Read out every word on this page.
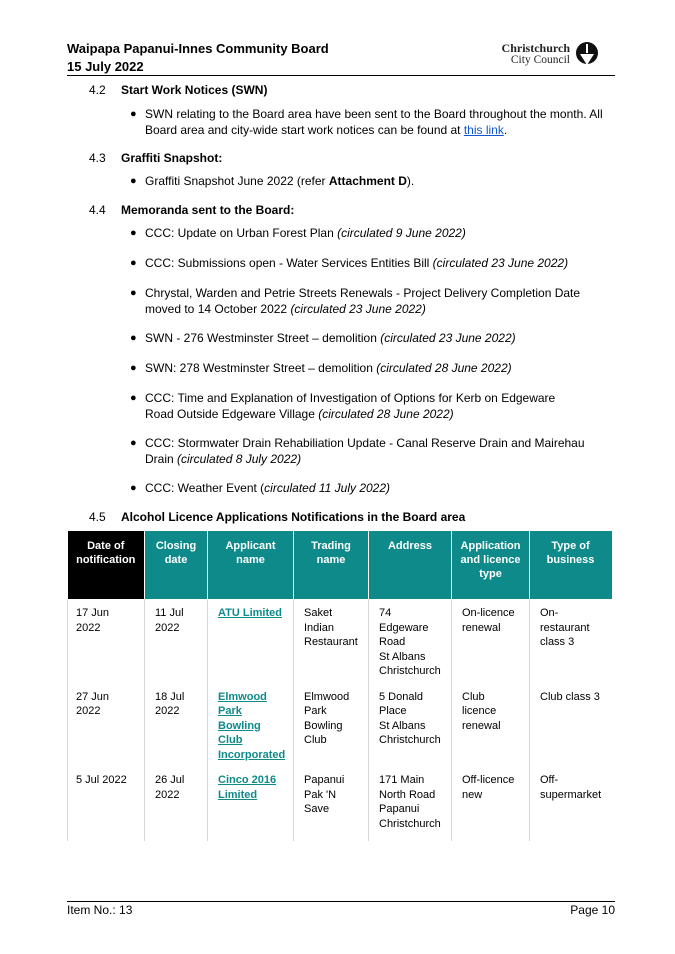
Waipapa Papanui-Innes Community Board
15 July 2022
Christchurch
City Council
4.2	Start Work Notices (SWN)
● SWN relating to the Board area have been sent to the Board throughout the month. All Board area and city-wide start work notices can be found at this link.
4.3	Graffiti Snapshot:
● Graffiti Snapshot June 2022 (refer Attachment D).
4.4	Memoranda sent to the Board:
● CCC: Update on Urban Forest Plan (circulated 9 June 2022)
● CCC: Submissions open - Water Services Entities Bill (circulated 23 June 2022)
● Chrystal, Warden and Petrie Streets Renewals - Project Delivery Completion Date moved to 14 October 2022 (circulated 23 June 2022)
● SWN - 276 Westminster Street – demolition (circulated 23 June 2022)
● SWN: 278 Westminster Street – demolition (circulated 28 June 2022)
● CCC: Time and Explanation of Investigation of Options for Kerb on Edgeware Road Outside Edgeware Village (circulated 28 June 2022)
● CCC: Stormwater Drain Rehabiliation Update - Canal Reserve Drain and Mairehau Drain (circulated 8 July 2022)
● CCC: Weather Event (circulated 11 July 2022)
4.5	Alcohol Licence Applications Notifications in the Board area
Date of notification	Closing date	Applicant name	Trading name	Address	Application and licence type	Type of business
17 Jun 2022	11 Jul 2022	ATU Limited	Saket Indian Restaurant	74 Edgeware
Road
St Albans
Christchurch	On-licence renewal	On-restaurant class 3
27 Jun 2022	18 Jul 2022	Elmwood Park Bowling Club Incorporated	Elmwood Park Bowling Club	5 Donald
Place
St Albans
Christchurch	Club licence renewal	Club class 3
5 Jul 2022	26 Jul 2022	Cinco 2016 Limited	Papanui Pak 'N Save	171 Main
North Road
Papanui
Christchurch	Off-licence new	Off-supermarket
Item No.: 13	Page 10
